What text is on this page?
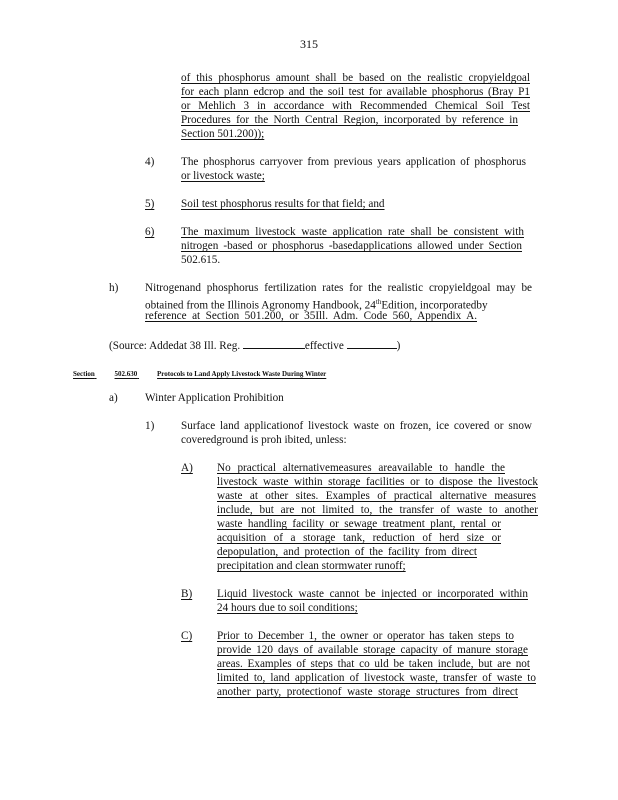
315
of this phosphorus amount shall be based on the realistic cropyieldgoal
for each plann edcrop and the soil test for available phosphorus (Bray P1
or Mehlich 3 in accordance with Recommended Chemical Soil Test
Procedures for the North Central Region, incorporated by reference in
Section 501.200));
4) The phosphorus carryover from previous years application of phosphorus
or livestock waste;
5) Soil test phosphorus results for that field; and
6) The maximum livestock waste application rate shall be consistent with
nitrogen -based or phosphorus -basedapplications allowed under Section
502.615.
h) Nitrogenand phosphorus fertilization rates for the realistic cropyieldgoal may be
obtained from the Illinois Agronomy Handbook, 24thEdition, incorporatedby
reference at Section 501.200, or 35Ill. Adm. Code 560, Appendix A.
(Source: Addedat 38 Ill. Reg.	effective	)
Section	502.630	Protocols to Land Apply Livestock Waste During Winter
a) Winter Application Prohibition
1) Surface land applicationof livestock waste on frozen, ice covered or snow
coveredground is proh ibited, unless:
A) No practical alternativemeasures areavailable to handle the
livestock waste within storage facilities or to dispose the livestock
waste at other sites. Examples of practical alternative measures
include, but are not limited to, the transfer of waste to another
waste handling facility or sewage treatment plant, rental or
acquisition of a storage tank, reduction of herd size or
depopulation, and protection of the facility from direct
precipitation and clean stormwater runoff;
B) Liquid livestock waste cannot be injected or incorporated within
24 hours due to soil conditions;
C) Prior to December 1, the owner or operator has taken steps to
provide 120 days of available storage capacity of manure storage
areas. Examples of steps that co uld be taken include, but are not
limited to, land application of livestock waste, transfer of waste to
another party, protectionof waste storage structures from direct
